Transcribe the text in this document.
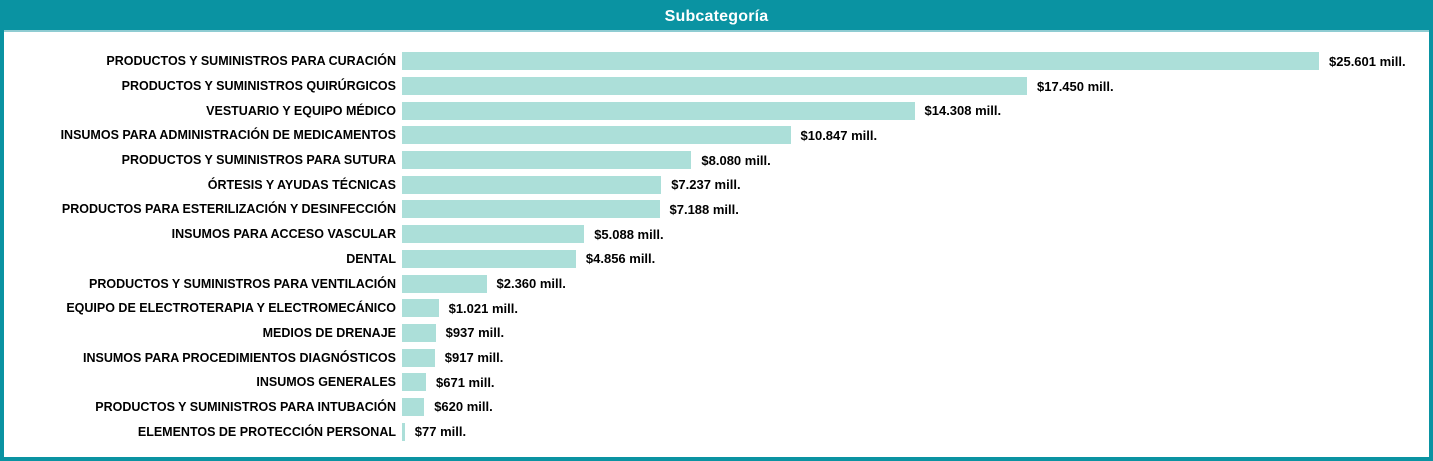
Subcategoría
PRODUCTOS Y SUMINISTROS PARA CURACIÓN	$25.601 mill.
PRODUCTOS Y SUMINISTROS QUIRÚRGICOS	$17.450 mill.
VESTUARIO Y EQUIPO MÉDICO	$14.308 mill.
INSUMOS PARA ADMINISTRACIÓN DE MEDICAMENTOS	$10.847 mill.
PRODUCTOS Y SUMINISTROS PARA SUTURA	$8.080 mill.
ÓRTESIS Y AYUDAS TÉCNICAS	$7.237 mill.
PRODUCTOS PARA ESTERILIZACIÓN Y DESINFECCIÓN	$7.188 mill.
INSUMOS PARA ACCESO VASCULAR	$5.088 mill.
DENTAL	$4.856 mill.
PRODUCTOS Y SUMINISTROS PARA VENTILACIÓN	$2.360 mill.
EQUIPO DE ELECTROTERAPIA Y ELECTROMECÁNICO	$1.021 mill.
MEDIOS DE DRENAJE	$937 mill.
INSUMOS PARA PROCEDIMIENTOS DIAGNÓSTICOS	$917 mill.
INSUMOS GENERALES	$671 mill.
PRODUCTOS Y SUMINISTROS PARA INTUBACIÓN	$620 mill.
ELEMENTOS DE PROTECCIÓN PERSONAL $77 mill.
